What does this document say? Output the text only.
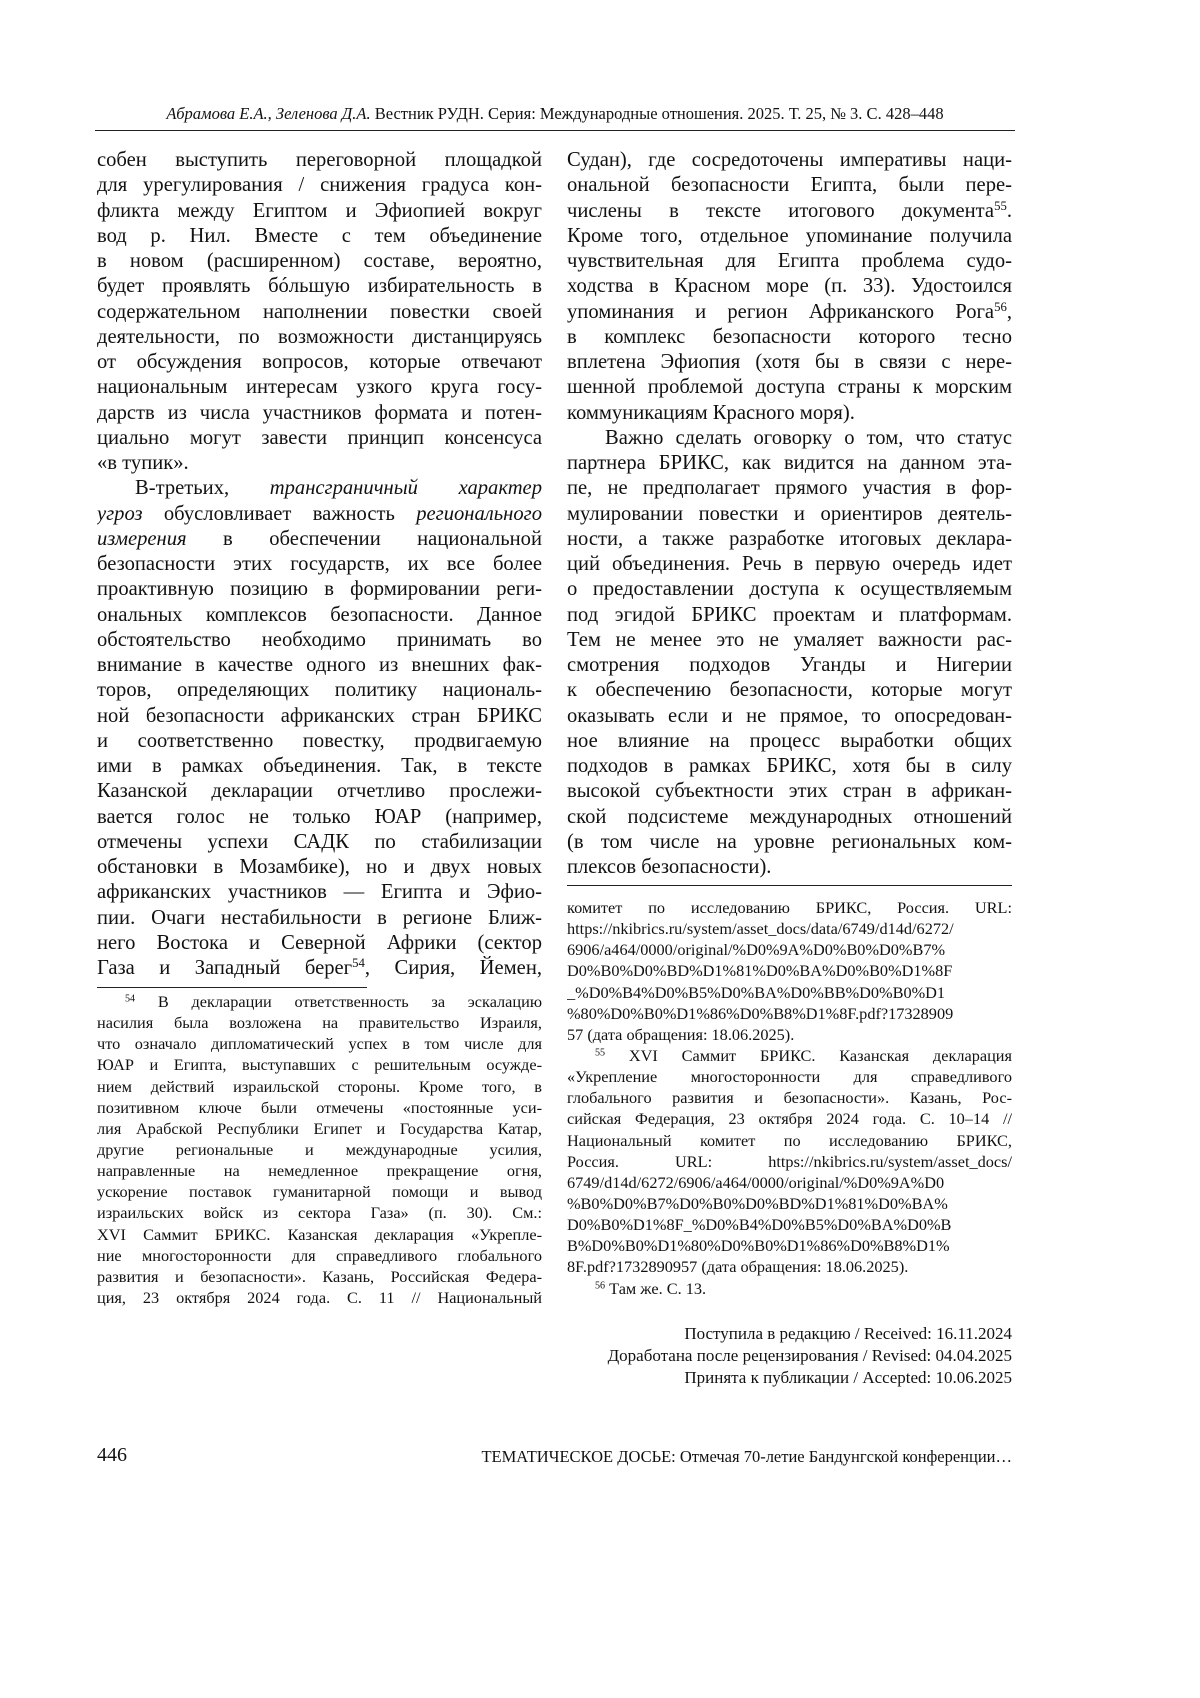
Абрамова Е.А., Зеленова Д.А. Вестник РУДН. Серия: Международные отношения. 2025. Т. 25, № 3. С. 428–448
собен выступить переговорной площадкой
для урегулирования / снижения градуса кон-
фликта между Египтом и Эфиопией вокруг
вод р. Нил. Вместе с тем объединение
в новом (расширенном) составе, вероятно,
будет проявлять бóльшую избирательность в
содержательном наполнении повестки своей
деятельности, по возможности дистанцируясь
от обсуждения вопросов, которые отвечают
национальным интересам узкого круга госу-
дарств из числа участников формата и потен-
циально могут завести принцип консенсуса
«в тупик».
В-третьих, трансграничный характер
угроз обусловливает важность регионального
измерения в обеспечении национальной
безопасности этих государств, их все более
проактивную позицию в формировании реги-
ональных комплексов безопасности. Данное
обстоятельство необходимо принимать во
внимание в качестве одного из внешних фак-
торов, определяющих политику националь-
ной безопасности африканских стран БРИКС
и соответственно повестку, продвигаемую
ими в рамках объединения. Так, в тексте
Казанской декларации отчетливо прослежи-
вается голос не только ЮАР (например,
отмечены успехи САДК по стабилизации
обстановки в Мозамбике), но и двух новых
африканских участников — Египта и Эфио-
пии. Очаги нестабильности в регионе Ближ-
него Востока и Северной Африки (сектор
Газа и Западный берег54, Сирия, Йемен,
Судан), где сосредоточены императивы наци-
ональной безопасности Египта, были пере-
числены в тексте итогового документа55.
Кроме того, отдельное упоминание получила
чувствительная для Египта проблема судо-
ходства в Красном море (п. 33). Удостоился
упоминания и регион Африканского Рога56,
в комплекс безопасности которого тесно
вплетена Эфиопия (хотя бы в связи с нере-
шенной проблемой доступа страны к морским
коммуникациям Красного моря).
Важно сделать оговорку о том, что статус
партнера БРИКС, как видится на данном эта-
пе, не предполагает прямого участия в фор-
мулировании повестки и ориентиров деятель-
ности, а также разработке итоговых деклара-
ций объединения. Речь в первую очередь идет
о предоставлении доступа к осуществляемым
под эгидой БРИКС проектам и платформам.
Тем не менее это не умаляет важности рас-
смотрения подходов Уганды и Нигерии
к обеспечению безопасности, которые могут
оказывать если и не прямое, то опосредован-
ное влияние на процесс выработки общих
подходов в рамках БРИКС, хотя бы в силу
высокой субъектности этих стран в африкан-
ской подсистеме международных отношений
(в том числе на уровне региональных ком-
плексов безопасности).
54 В декларации ответственность за эскалацию
насилия была возложена на правительство Израиля,
что означало дипломатический успех в том числе для
ЮАР и Египта, выступавших с решительным осужде-
нием действий израильской стороны. Кроме того, в
позитивном ключе были отмечены «постоянные уси-
лия Арабской Республики Египет и Государства Катар,
другие региональные и международные усилия,
направленные на немедленное прекращение огня,
ускорение поставок гуманитарной помощи и вывод
израильских войск из сектора Газа» (п. 30). См.:
XVI Саммит БРИКС. Казанская декларация «Укрепле-
ние многосторонности для справедливого глобального
развития и безопасности». Казань, Российская Федера-
ция, 23 октября 2024 года. С. 11 // Национальный
комитет по исследованию БРИКС, Россия. URL:
https://nkibrics.ru/system/asset_docs/data/6749/d14d/6272/
6906/a464/0000/original/%D0%9A%D0%B0%D0%B7%
D0%B0%D0%BD%D1%81%D0%BA%D0%B0%D1%8F
_%D0%B4%D0%B5%D0%BA%D0%BB%D0%B0%D1
%80%D0%B0%D1%86%D0%B8%D1%8F.pdf?17328909
57 (дата обращения: 18.06.2025).
55 XVI Саммит БРИКС. Казанская декларация
«Укрепление многосторонности для справедливого
глобального развития и безопасности». Казань, Рос-
сийская Федерация, 23 октября 2024 года. С. 10–14 //
Национальный комитет по исследованию БРИКС,
Россия. URL: https://nkibrics.ru/system/asset_docs/
6749/d14d/6272/6906/a464/0000/original/%D0%9A%D0
%B0%D0%B7%D0%B0%D0%BD%D1%81%D0%BA%
D0%B0%D1%8F_%D0%B4%D0%B5%D0%BA%D0%B
B%D0%B0%D1%80%D0%B0%D1%86%D0%B8%D1%
8F.pdf?1732890957 (дата обращения: 18.06.2025).
56 Там же. С. 13.
Поступила в редакцию / Received: 16.11.2024
Доработана после рецензирования / Revised: 04.04.2025
Принята к публикации / Accepted: 10.06.2025
446	ТЕМАТИЧЕСКОЕ ДОСЬЕ: Отмечая 70-летие Бандунгской конференции…
